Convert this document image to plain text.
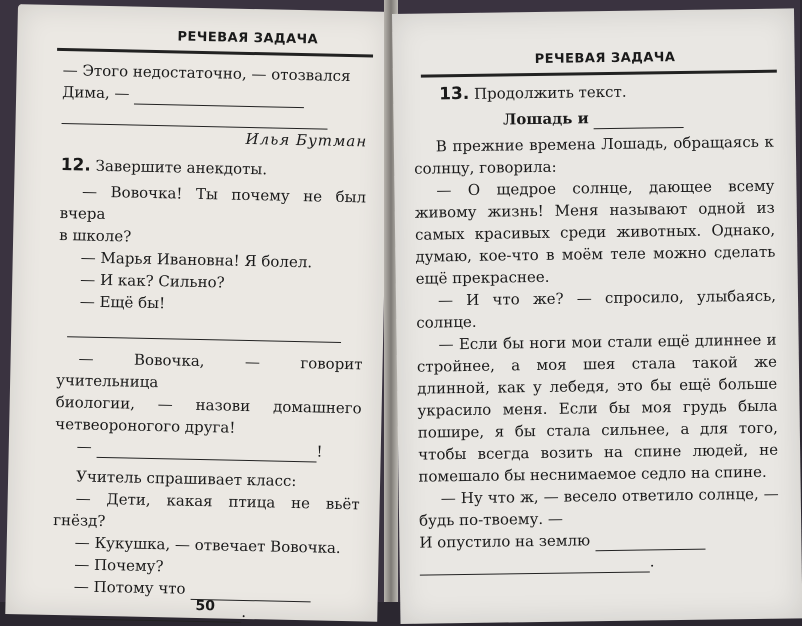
РЕЧЕВАЯ ЗАДАЧА

— Этого недостаточно, — отозвался

Дима, —

Илья Бутман

12. Завершите анекдоты.

— Вовочка! Ты почему не был вчера

в школе?

— Марья Ивановна! Я болел.

— И как? Сильно?

— Ещё бы!

— Вовочка, — говорит учительница

биологии, — назови домашнего четвеороногого друга!

—	!

Учитель спрашивает класс:

— Дети, какая птица не вьёт гнёзд?

— Кукушка, — отвечает Вовочка.

— Почему?

— Потому что

.

50
РЕЧЕВАЯ ЗАДАЧА

13. Продолжить текст.

Лошадь и

В прежние времена Лошадь, обращаясь к солнцу, говорила:

— О щедрое солнце, дающее всему живому жизнь! Меня называют одной из самых красивых среди животных. Однако, думаю, кое-что в моём теле можно сделать ещё прекраснее.

— И что же? — спросило, улыбаясь, солнце.

— Если бы ноги мои стали ещё длиннее и стройнее, а моя шея стала такой же длинной, как у лебедя, это бы ещё больше украсило меня. Если бы моя грудь была пошире, я бы стала сильнее, а для того, чтобы всегда возить на спине людей, не помешало бы неснимаемое седло на спине.

— Ну что ж, — весело ответило солнце, — будь по-твоему. —

И опустило на землю

.
